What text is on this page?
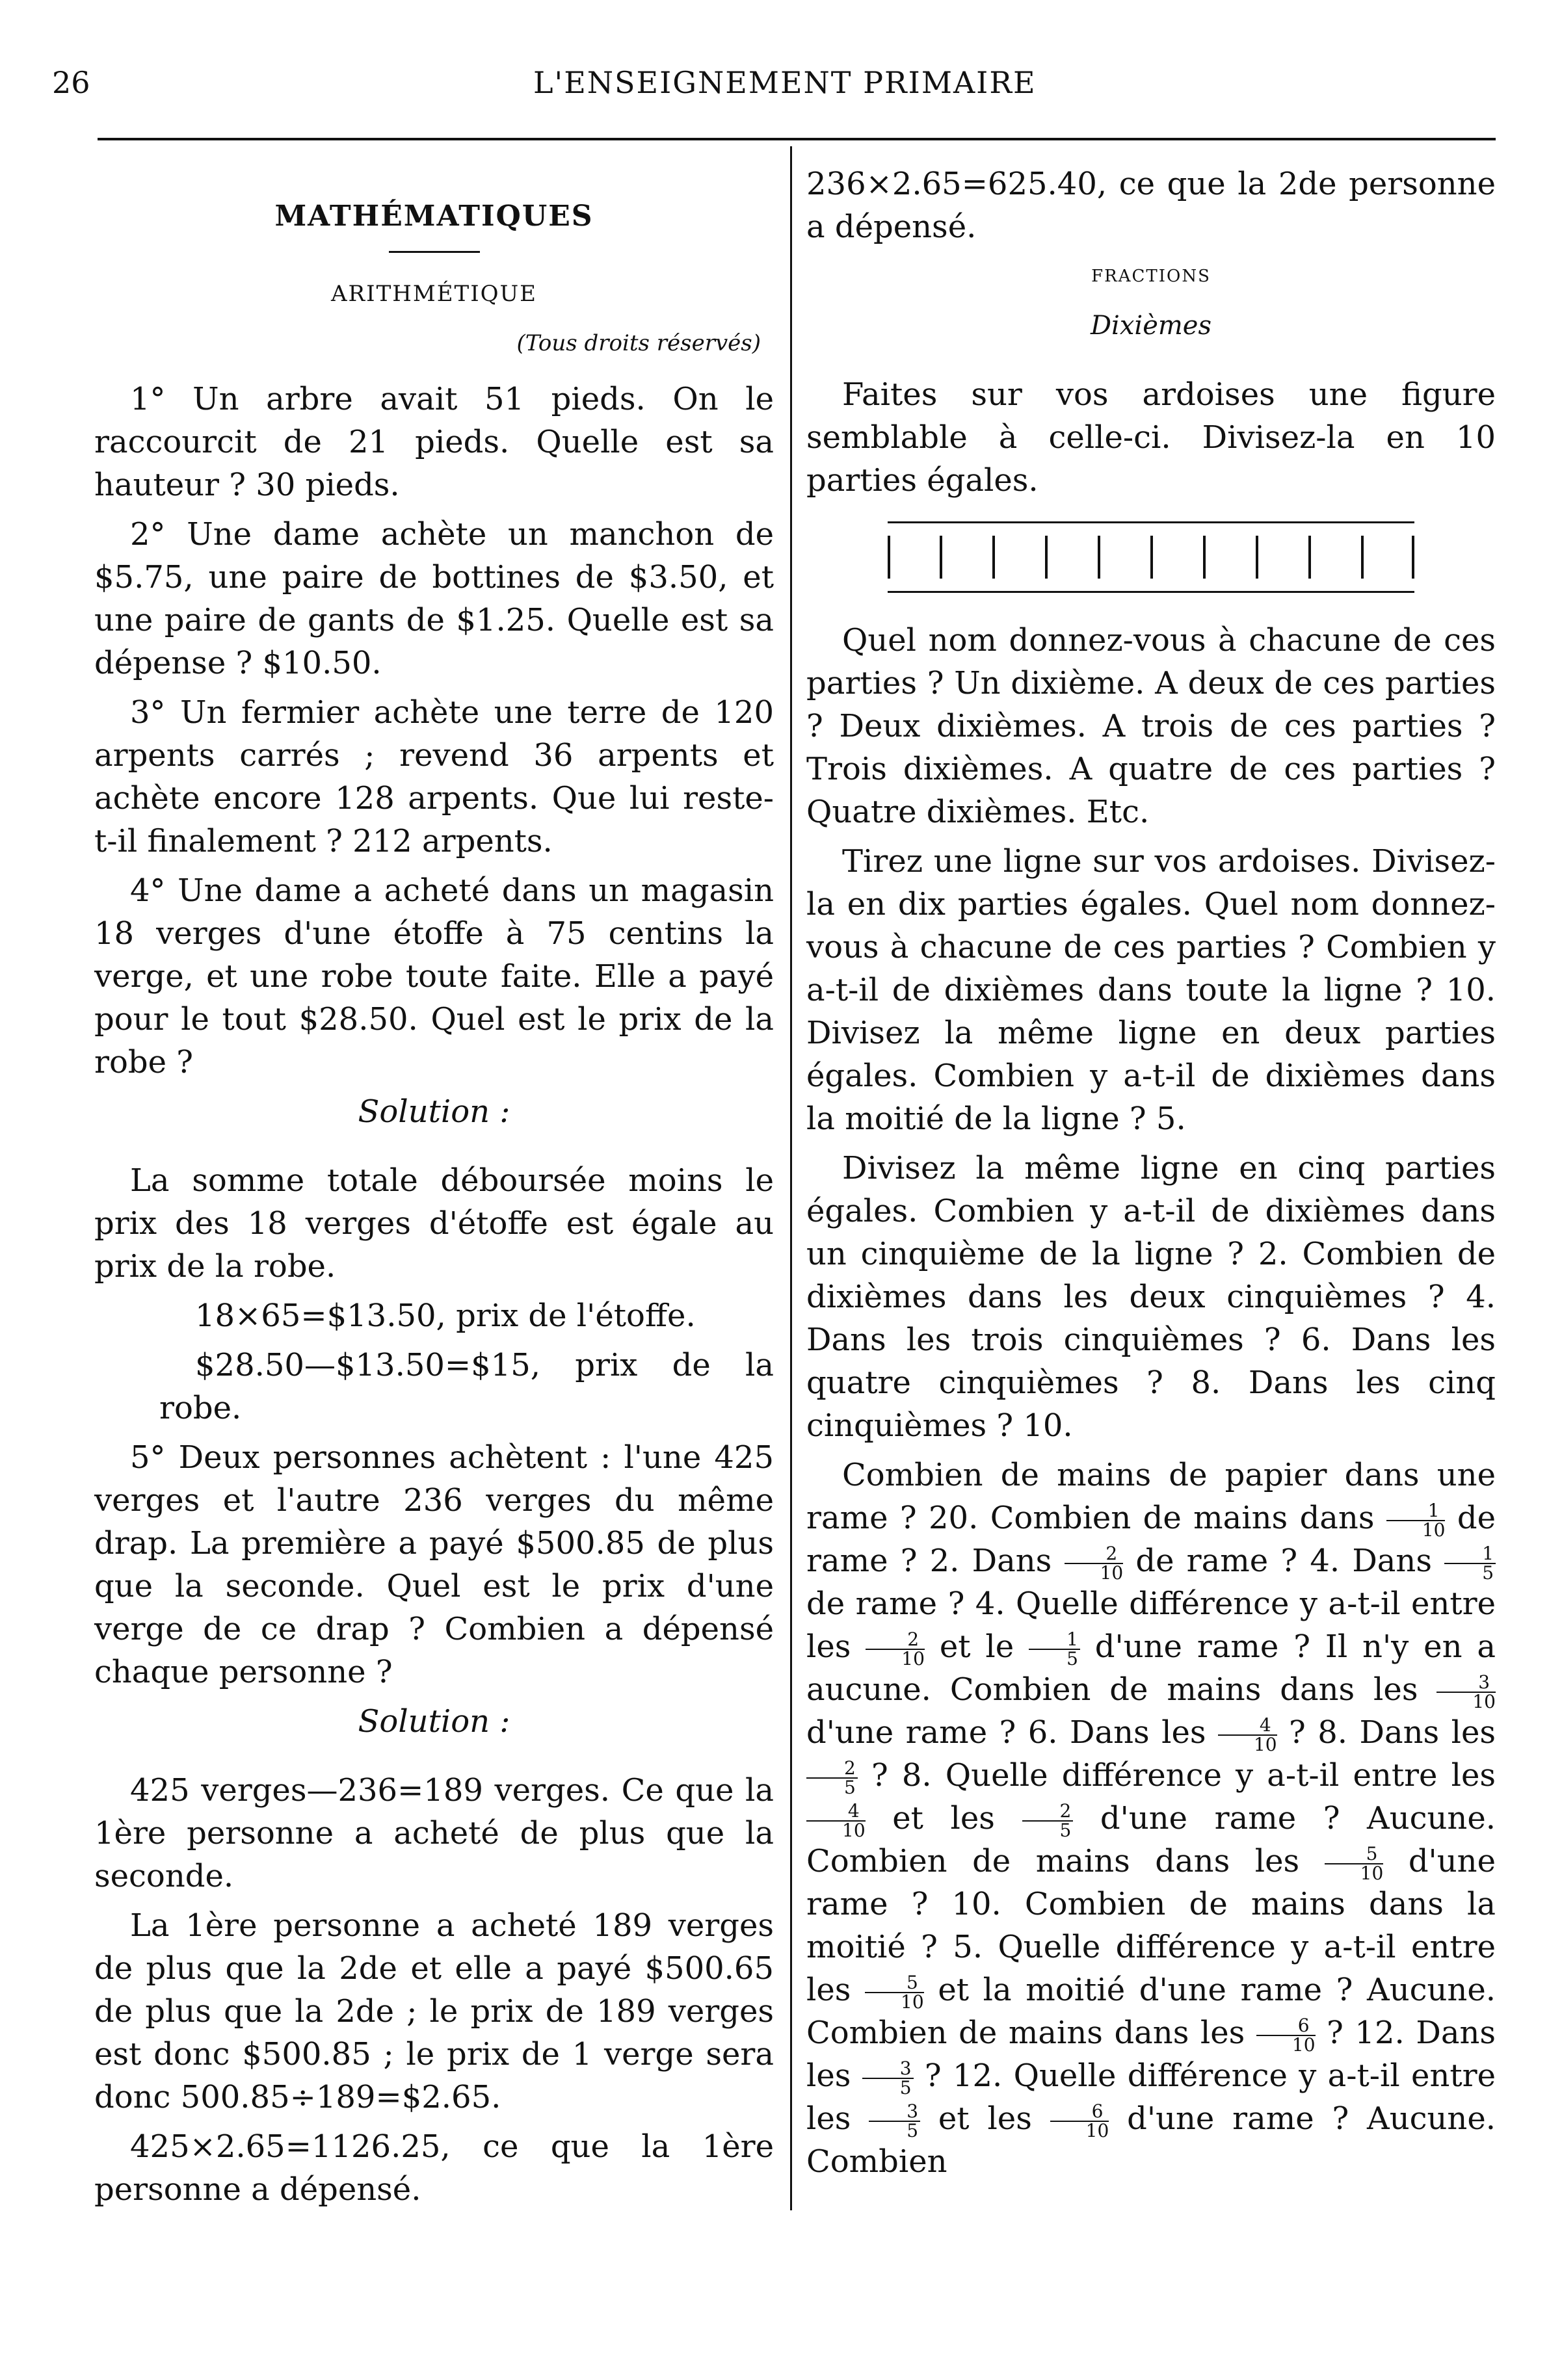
26	L'ENSEIGNEMENT PRIMAIRE
MATHÉMATIQUES
ARITHMÉTIQUE
(Tous droits réservés)

1° Un arbre avait 51 pieds. On le raccourcit de 21 pieds. Quelle est sa hauteur ? 30 pieds.

2° Une dame achète un manchon de $5.75, une paire de bottines de $3.50, et une paire de gants de $1.25. Quelle est sa dépense ? $10.50.

3° Un fermier achète une terre de 120 arpents carrés ; revend 36 arpents et achète encore 128 arpents. Que lui reste-t-il finalement ? 212 arpents.

4° Une dame a acheté dans un magasin 18 verges d'une étoffe à 75 centins la verge, et une robe toute faite. Elle a payé pour le tout $28.50. Quel est le prix de la robe ?

Solution :

La somme totale déboursée moins le prix des 18 verges d'étoffe est égale au prix de la robe.

18×65=$13.50, prix de l'étoffe.

$28.50—$13.50=$15, prix de la robe.

5° Deux personnes achètent : l'une 425 verges et l'autre 236 verges du même drap. La première a payé $500.85 de plus que la seconde. Quel est le prix d'une verge de ce drap ? Combien a dépensé chaque personne ?

Solution :

425 verges—236=189 verges. Ce que la 1ère personne a acheté de plus que la seconde.

La 1ère personne a acheté 189 verges de plus que la 2de et elle a payé $500.65 de plus que la 2de ; le prix de 189 verges est donc $500.85 ; le prix de 1 verge sera donc 500.85÷189=$2.65.

425×2.65=1126.25, ce que la 1ère personne a dépensé.

236×2.65=625.40, ce que la 2de personne a dépensé.

FRACTIONS
Dixièmes

Faites sur vos ardoises une figure semblable à celle-ci. Divisez-la en 10 parties égales.

Quel nom donnez-vous à chacune de ces parties ? Un dixième. A deux de ces parties ? Deux dixièmes. A trois de ces parties ? Trois dixièmes. A quatre de ces parties ? Quatre dixièmes. Etc.

Tirez une ligne sur vos ardoises. Divisez-la en dix parties égales. Quel nom donnez-vous à chacune de ces parties ? Combien y a-t-il de dixièmes dans toute la ligne ? 10. Divisez la même ligne en deux parties égales. Combien y a-t-il de dixièmes dans la moitié de la ligne ? 5.

Divisez la même ligne en cinq parties égales. Combien y a-t-il de dixièmes dans un cinquième de la ligne ? 2. Combien de dixièmes dans les deux cinquièmes ? 4. Dans les trois cinquièmes ? 6. Dans les quatre cinquièmes ? 8. Dans les cinq cinquièmes ? 10.

Combien de mains de papier dans une rame ? 20. Combien de mains dans $\frac{1}{10}$ de rame ? 2. Dans $\frac{2}{10}$ de rame ? 4. Dans $\frac{1}{5}$
de rame ? 4. Quelle différence y a-t-il entre les $\frac{2}{10}$ et le $\frac{1}{5} d'une$ rame ? Il n'y en a aucune. Combien de mains dans les $\frac{3}{10}$
d'une rame ? 6. Dans les $\frac{4}{10}$ ? 8. Dans les
$\frac{2}{5}$ ? 8. Quelle différence y a-t-il entre les
$\frac{4}{10}$ et les $\frac{2}{5} d'une$ rame ? Aucune. Combien de mains dans les $\frac{5}{10} d'une$ rame ? 10. Combien de mains dans la moitié ? 5. Quelle différence y a-t-il entre les $\frac{5}{10}$ et la moitié d'une rame ? Aucune. Combien de mains dans les $\frac{6}{10}$ ? 12. Dans les $\frac{3}{5}$ ? 12. Quelle différence y a-t-il entre les $\frac{3}{5}$ et les $\frac{6}{10} d'une$ rame ? Aucune. Combien
